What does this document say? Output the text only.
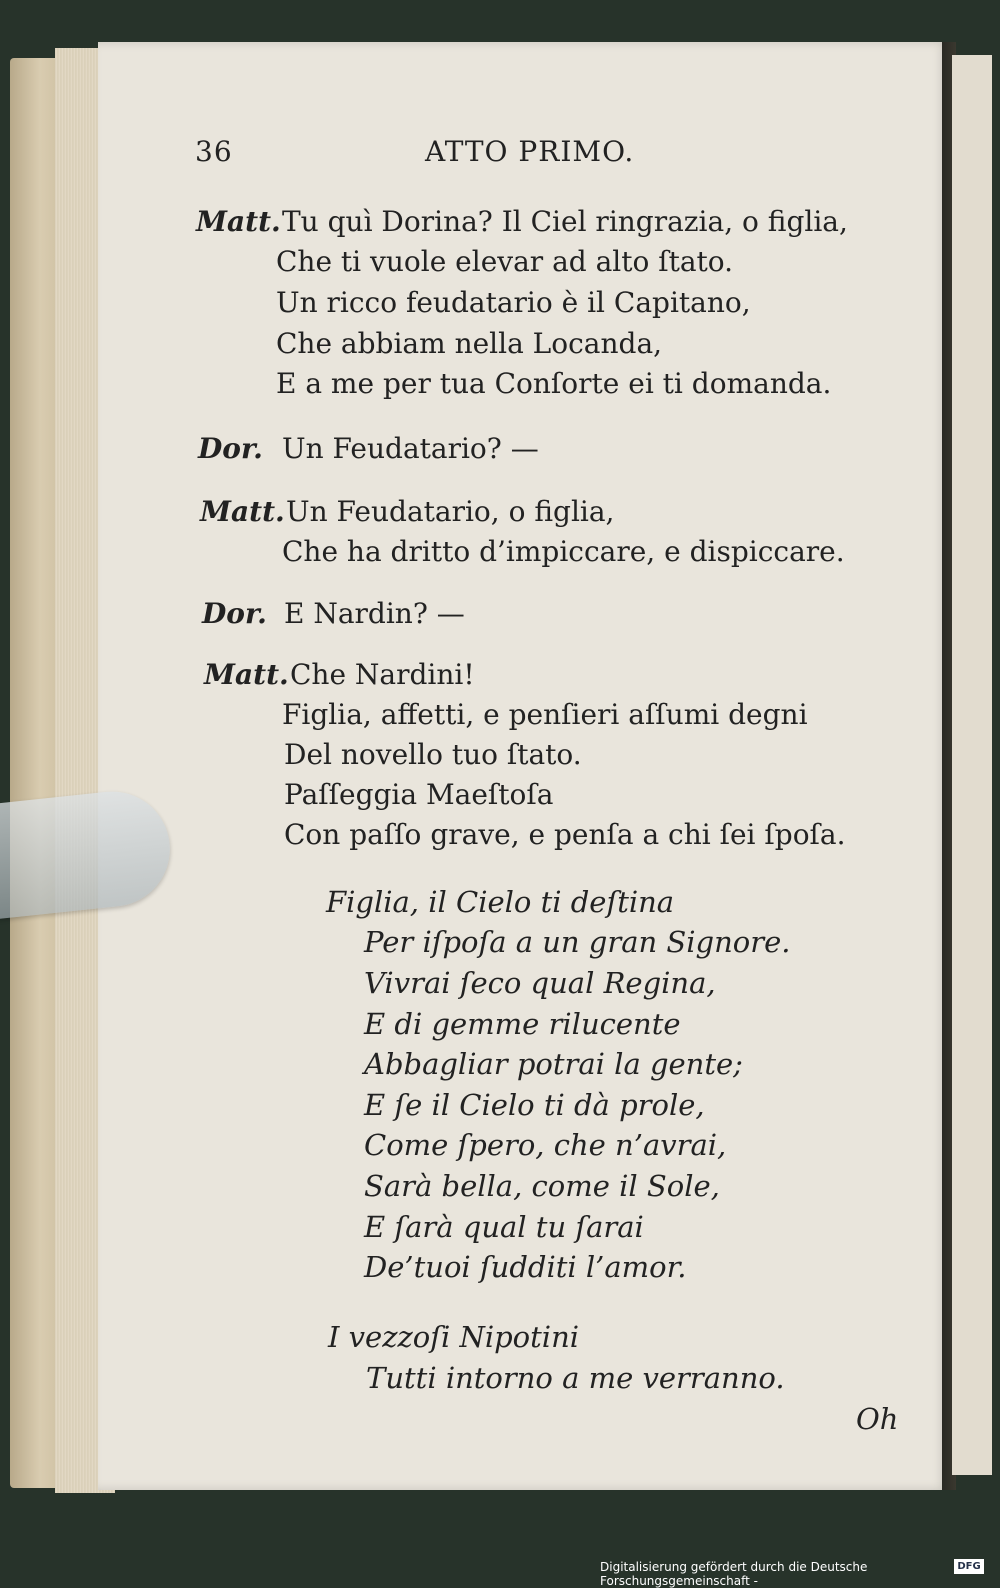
36	ATTO PRIMO.
Matt. Tu quì Dorina? Il Ciel ringrazia, o figlia,
Che ti vuole elevar ad alto ſtato.
Un ricco feudatario è il Capitano,
Che abbiam nella Locanda,
E a me per tua Conſorte ei ti domanda.
Dor. Un Feudatario? —
Matt. Un Feudatario, o figlia,
Che ha dritto d’impiccare, e dispiccare.
Dor. E Nardin? —
Matt. Che Nardini!
Figlia, affetti, e penſieri aſſumi degni
Del novello tuo ſtato.
Paſſeggia Maeſtoſa
Con paſſo grave, e penſa a chi ſei ſpoſa.
Figlia, il Cielo ti deſtina
Per iſpoſa a un gran Signore.
Vivrai ſeco qual Regina,
E di gemme rilucente
Abbagliar potrai la gente;
E ſe il Cielo ti dà prole,
Come ſpero, che n’avrai,
Sarà bella, come il Sole,
E ſarà qual tu ſarai
De’tuoi ſudditi l’amor.
I vezzoſi Nipotini
Tutti intorno a me verranno.
Oh
Digitalisierung gefördert durch die Deutsche Forschungsgemeinschaft -
DFG
